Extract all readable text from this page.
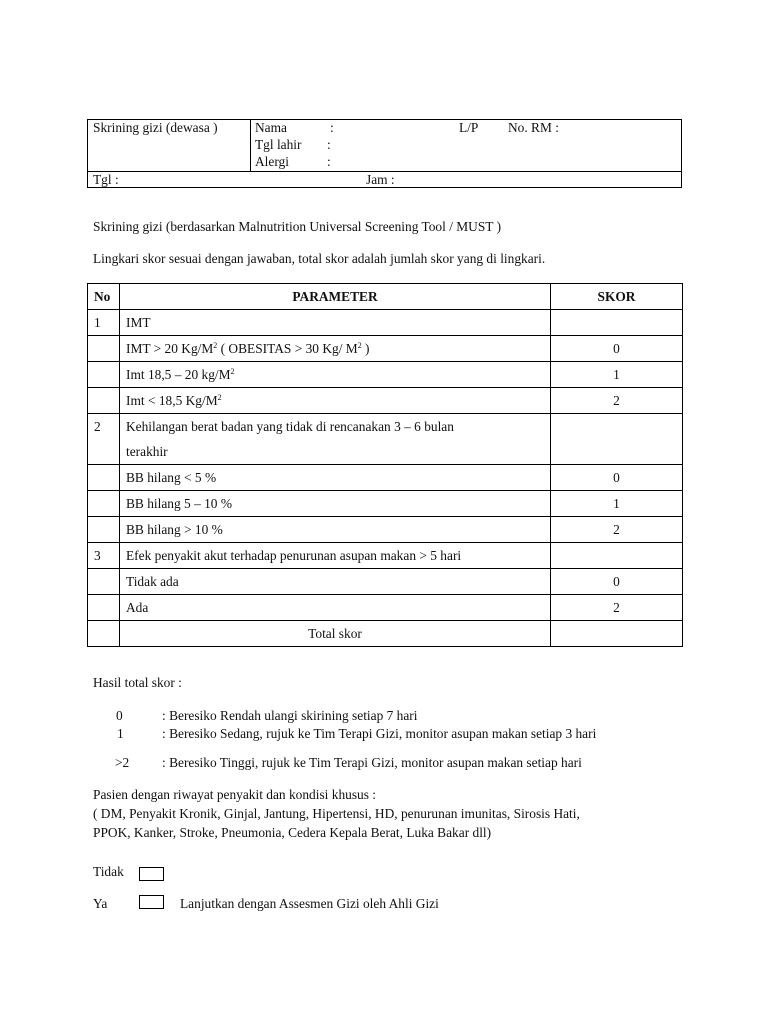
Skrining gizi (dewasa )	Nama	:	L/P No. RM :
Tgl lahir :
Alergi	:
Tgl :	Jam :
Skrining gizi (berdasarkan Malnutrition Universal Screening Tool / MUST )
Lingkari skor sesuai dengan jawaban, total skor adalah jumlah skor yang di lingkari.
No	PARAMETER	SKOR
1	IMT	
	IMT > 20 $Kg/M^2$ ( OBESITAS > 30 Kg/ $M^2$ )	0
	Imt 18,5 – 20 $kg/M^2$	1
	Imt < 18,5 $Kg/M^2$	2
2	Kehilangan berat badan yang tidak di rencanakan 3 – 6 bulan
terakhir	
	BB hilang < 5 %	0
	BB hilang 5 – 10 %	1
	BB hilang > 10 %	2
3	Efek penyakit akut terhadap penurunan asupan makan > 5 hari	
	Tidak ada	0
	Ada	2
	Total skor	
Hasil total skor :
0	: Beresiko Rendah ulangi skirining setiap 7 hari
1	: Beresiko Sedang, rujuk ke Tim Terapi Gizi, monitor asupan makan setiap 3 hari
>2 : Beresiko Tinggi, rujuk ke Tim Terapi Gizi, monitor asupan makan setiap hari
Pasien dengan riwayat penyakit dan kondisi khusus :
( DM, Penyakit Kronik, Ginjal, Jantung, Hipertensi, HD, penurunan imunitas, Sirosis Hati,
PPOK, Kanker, Stroke, Pneumonia, Cedera Kepala Berat, Luka Bakar dll)
Tidak
Ya	Lanjutkan dengan Assesmen Gizi oleh Ahli Gizi
